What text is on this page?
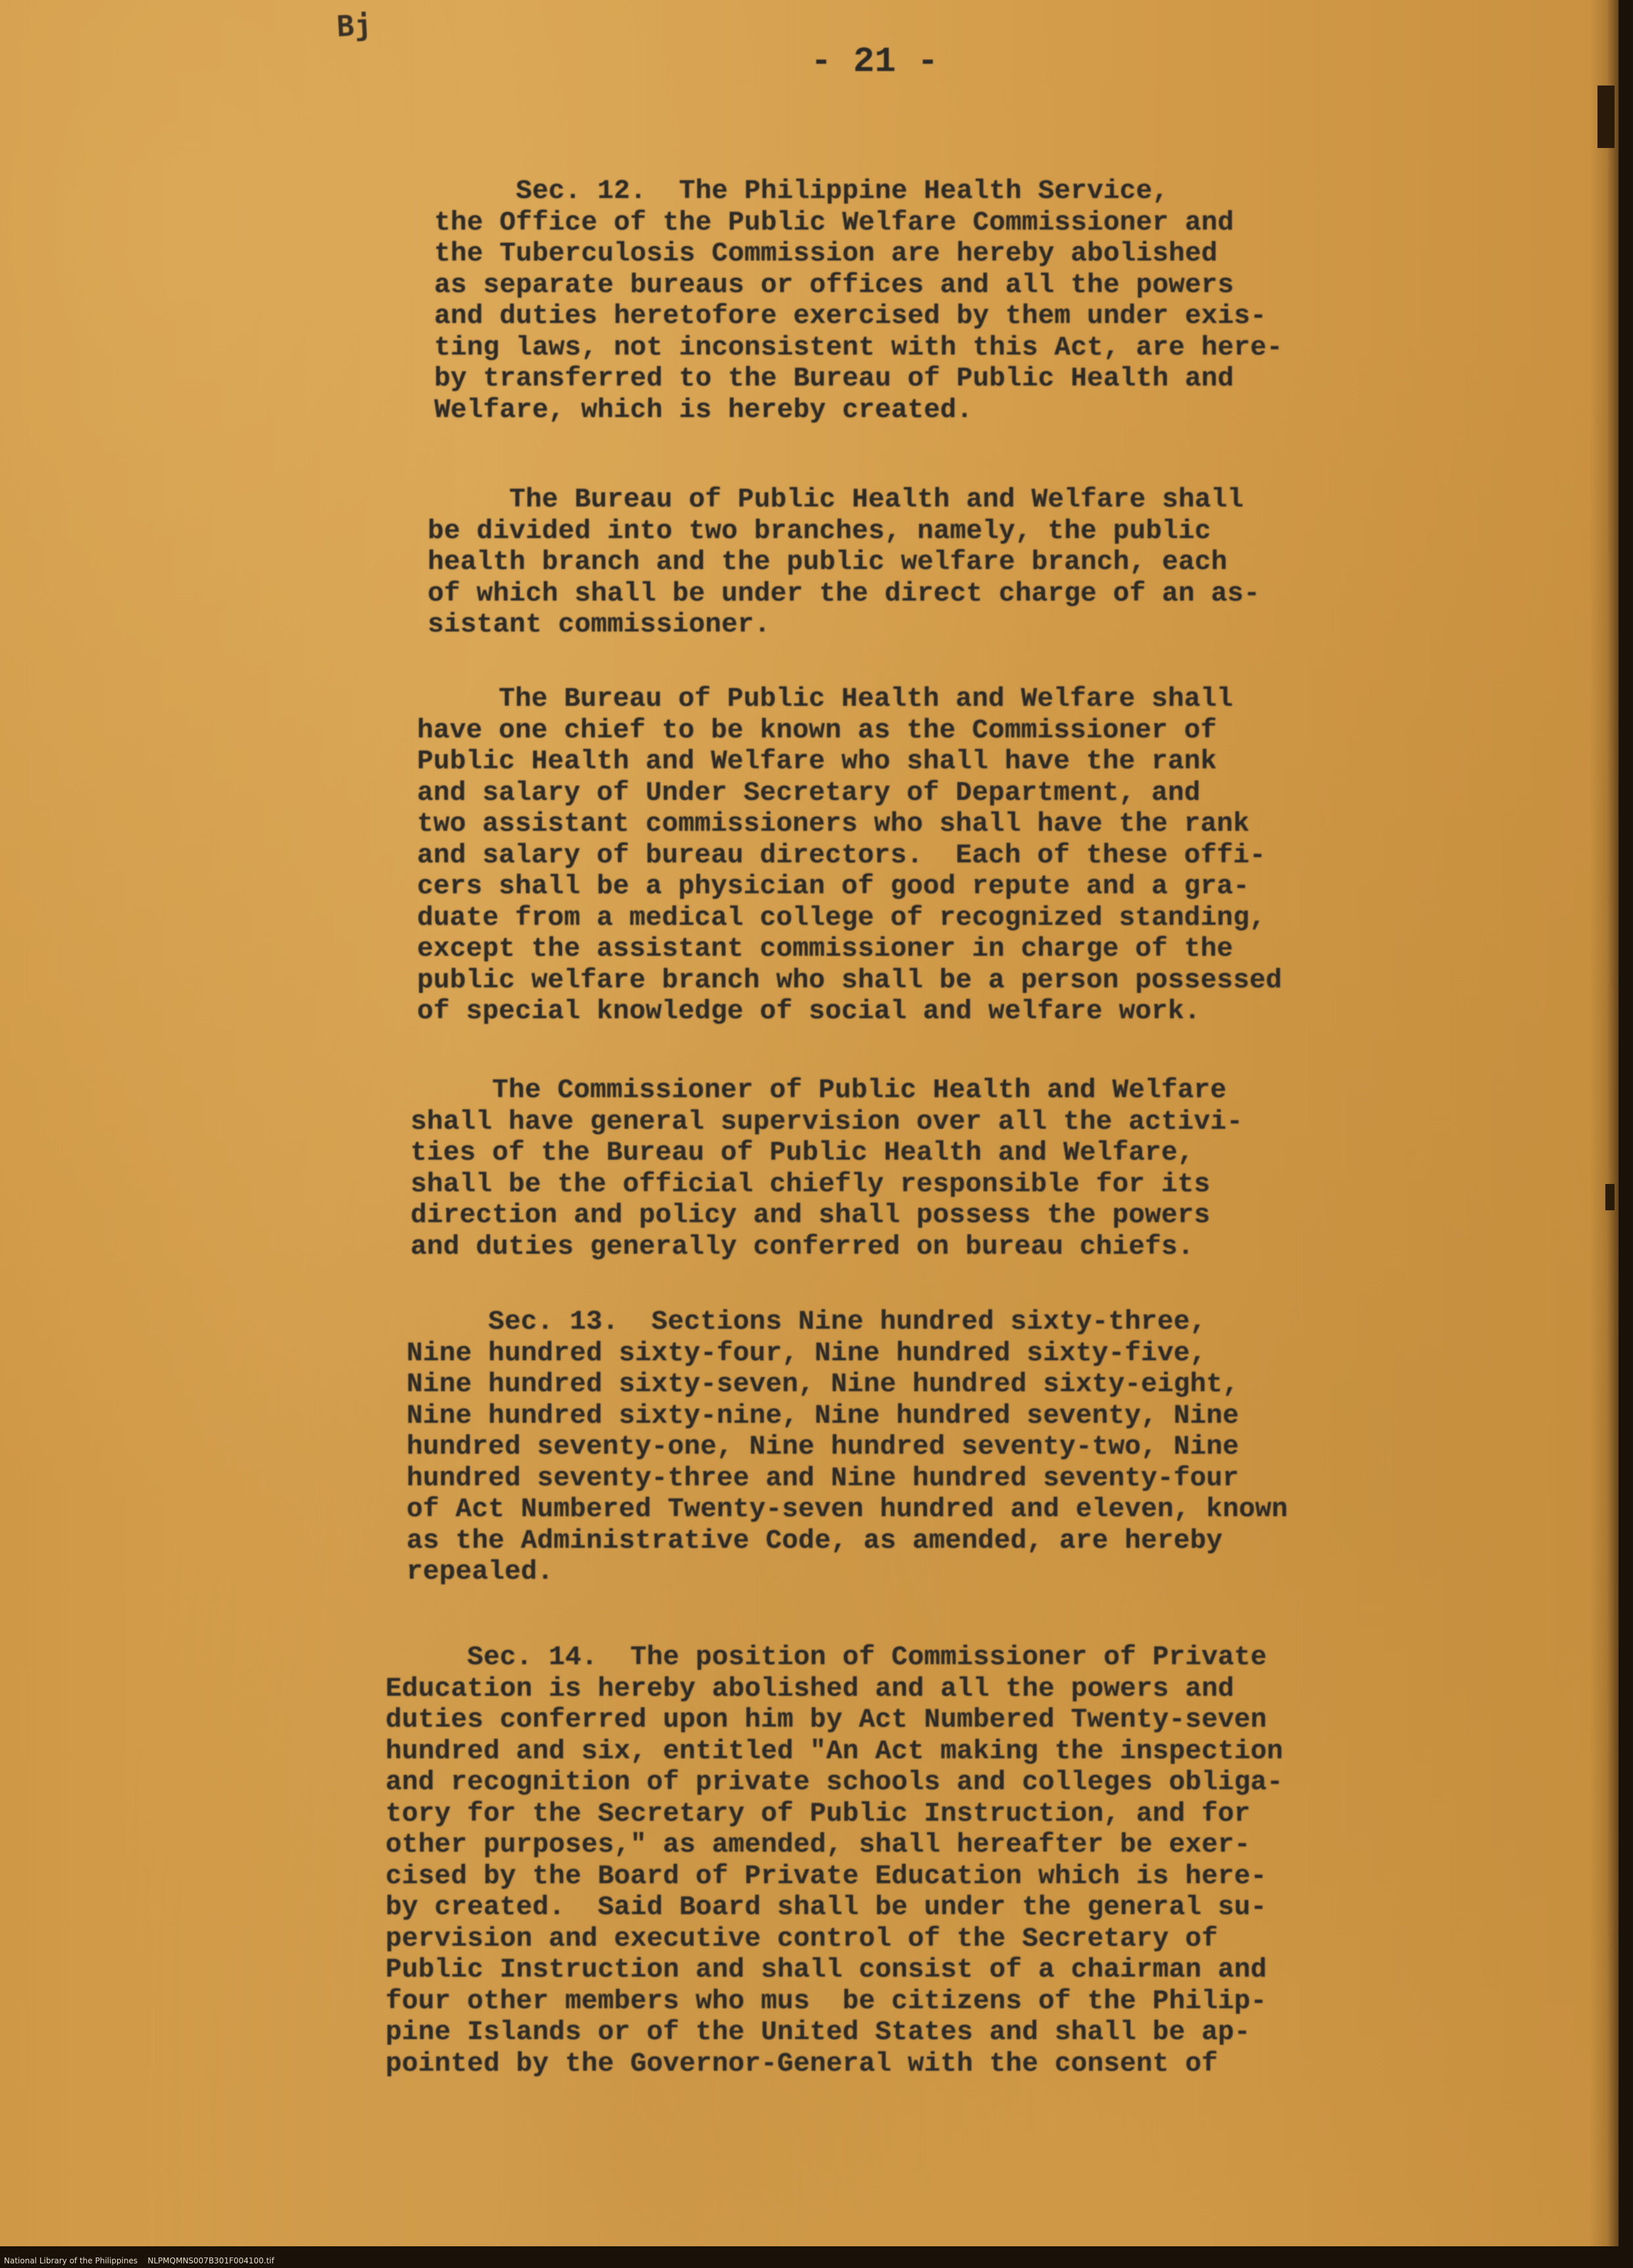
Bj
- 21 -
Sec. 12.  The Philippine Health Service,
the Office of the Public Welfare Commissioner and
the Tuberculosis Commission are hereby abolished
as separate bureaus or offices and all the powers
and duties heretofore exercised by them under exis-
ting laws, not inconsistent with this Act, are here-
by transferred to the Bureau of Public Health and
Welfare, which is hereby created.
The Bureau of Public Health and Welfare shall
be divided into two branches, namely, the public
health branch and the public welfare branch, each
of which shall be under the direct charge of an as-
sistant commissioner.
The Bureau of Public Health and Welfare shall
have one chief to be known as the Commissioner of
Public Health and Welfare who shall have the rank
and salary of Under Secretary of Department, and
two assistant commissioners who shall have the rank
and salary of bureau directors.  Each of these offi-
cers shall be a physician of good repute and a gra-
duate from a medical college of recognized standing,
except the assistant commissioner in charge of the
public welfare branch who shall be a person possessed
of special knowledge of social and welfare work.
The Commissioner of Public Health and Welfare
shall have general supervision over all the activi-
ties of the Bureau of Public Health and Welfare,
shall be the official chiefly responsible for its
direction and policy and shall possess the powers
and duties generally conferred on bureau chiefs.
Sec. 13.  Sections Nine hundred sixty-three,
Nine hundred sixty-four, Nine hundred sixty-five,
Nine hundred sixty-seven, Nine hundred sixty-eight,
Nine hundred sixty-nine, Nine hundred seventy, Nine
hundred seventy-one, Nine hundred seventy-two, Nine
hundred seventy-three and Nine hundred seventy-four
of Act Numbered Twenty-seven hundred and eleven, known
as the Administrative Code, as amended, are hereby
repealed.
Sec. 14.  The position of Commissioner of Private
Education is hereby abolished and all the powers and
duties conferred upon him by Act Numbered Twenty-seven
hundred and six, entitled "An Act making the inspection
and recognition of private schools and colleges obliga-
tory for the Secretary of Public Instruction, and for
other purposes," as amended, shall hereafter be exer-
cised by the Board of Private Education which is here-
by created.  Said Board shall be under the general su-
pervision and executive control of the Secretary of
Public Instruction and shall consist of a chairman and
four other members who mus  be citizens of the Philip-
pine Islands or of the United States and shall be ap-
pointed by the Governor-General with the consent of
National Library of the Philippines    NLPMQMNS007B301F004100.tif
